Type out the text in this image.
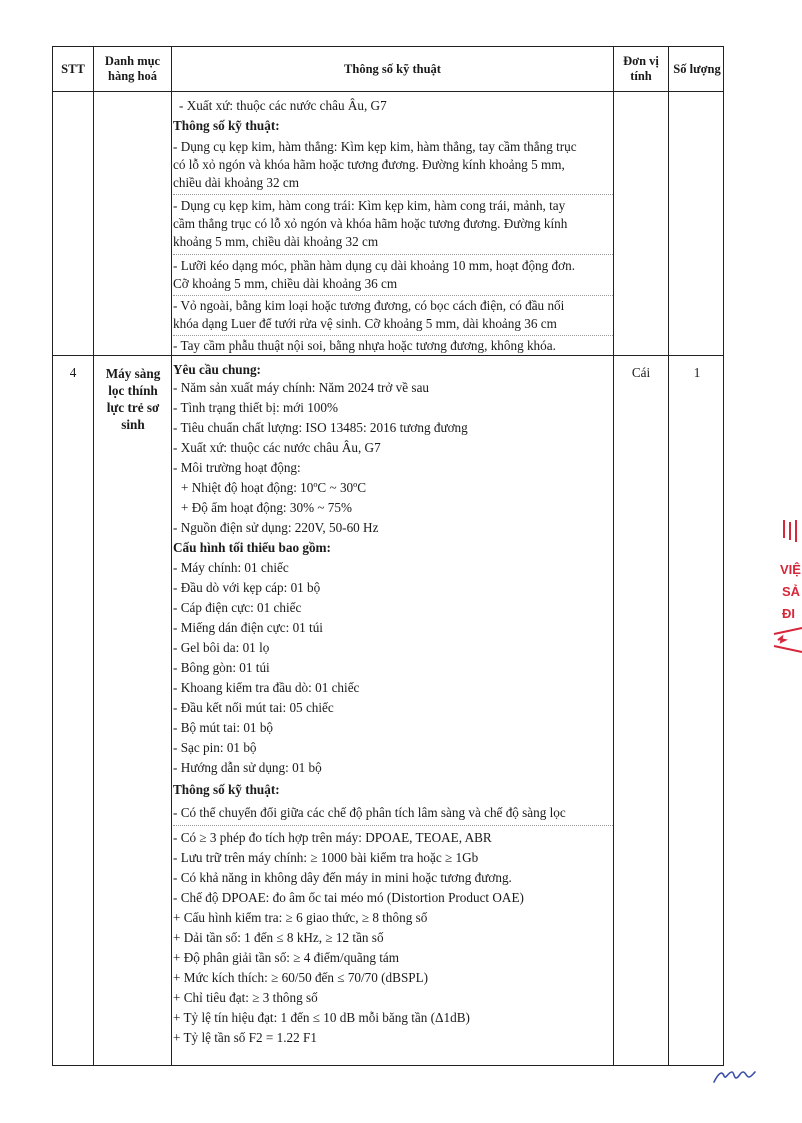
STT
Danh mục hàng hoá
Thông số kỹ thuật
Đơn vị tính
Số lượng
- Xuất xứ: thuộc các nước châu Âu, G7
Thông số kỹ thuật:
- Dụng cụ kẹp kim, hàm thẳng: Kìm kẹp kim, hàm thẳng, tay cầm thẳng trục
có lỗ xỏ ngón và khóa hãm hoặc tương đương. Đường kính khoảng 5 mm,
chiều dài khoảng 32 cm
- Dụng cụ kẹp kim, hàm cong trái: Kìm kẹp kim, hàm cong trái, mảnh, tay
cầm thẳng trục có lỗ xỏ ngón và khóa hãm hoặc tương đương. Đường kính
khoảng 5 mm, chiều dài khoảng 32 cm
- Lưỡi kéo dạng móc, phần hàm dụng cụ dài khoảng 10 mm, hoạt động đơn.
Cỡ khoảng 5 mm, chiều dài khoảng 36 cm
- Vỏ ngoài, bằng kim loại hoặc tương đương, có bọc cách điện, có đầu nối
khóa dạng Luer để tưới rửa vệ sinh. Cỡ khoảng 5 mm, dài khoảng 36 cm
- Tay cầm phẫu thuật nội soi, bằng nhựa hoặc tương đương, không khóa.
4	Máy sàng
lọc thính
lực trẻ sơ
sinh
Cái	1
Yêu cầu chung:
- Năm sản xuất máy chính: Năm 2024 trở về sau
- Tình trạng thiết bị: mới 100%
- Tiêu chuẩn chất lượng: ISO 13485: 2016 tương đương
- Xuất xứ: thuộc các nước châu Âu, G7
- Môi trường hoạt động:
+ Nhiệt độ hoạt động: 10ºC ~ 30ºC
+ Độ ẩm hoạt động: 30% ~ 75%
- Nguồn điện sử dụng: 220V, 50-60 Hz
Cấu hình tối thiểu bao gồm:
- Máy chính: 01 chiếc
- Đầu dò với kẹp cáp: 01 bộ
- Cáp điện cực: 01 chiếc
- Miếng dán điện cực: 01 túi
- Gel bôi da: 01 lọ
- Bông gòn: 01 túi
- Khoang kiểm tra đầu dò: 01 chiếc
- Đầu kết nối mút tai: 05 chiếc
- Bộ mút tai: 01 bộ
- Sạc pin: 01 bộ
- Hướng dẫn sử dụng: 01 bộ
Thông số kỹ thuật:
- Có thể chuyển đổi giữa các chế độ phân tích lâm sàng và chế độ sàng lọc
- Có ≥ 3 phép đo tích hợp trên máy: DPOAE, TEOAE, ABR
- Lưu trữ trên máy chính: ≥ 1000 bài kiểm tra hoặc ≥ 1Gb
- Có khả năng in không dây đến máy in mini hoặc tương đương.
- Chế độ DPOAE: đo âm ốc tai méo mó (Distortion Product OAE)
+ Cấu hình kiểm tra: ≥ 6 giao thức, ≥ 8 thông số
+ Dải tần số: 1 đến ≤ 8 kHz, ≥ 12 tần số
+ Độ phân giải tần số: ≥ 4 điểm/quãng tám
+ Mức kích thích: ≥ 60/50 đến ≤ 70/70 (dBSPL)
+ Chỉ tiêu đạt: ≥ 3 thông số
+ Tỷ lệ tín hiệu đạt: 1 đến ≤ 10 dB mỗi băng tần (Δ1dB)
+ Tỷ lệ tần số F2 = 1.22 F1
VIỆ
SẢ
ĐI
